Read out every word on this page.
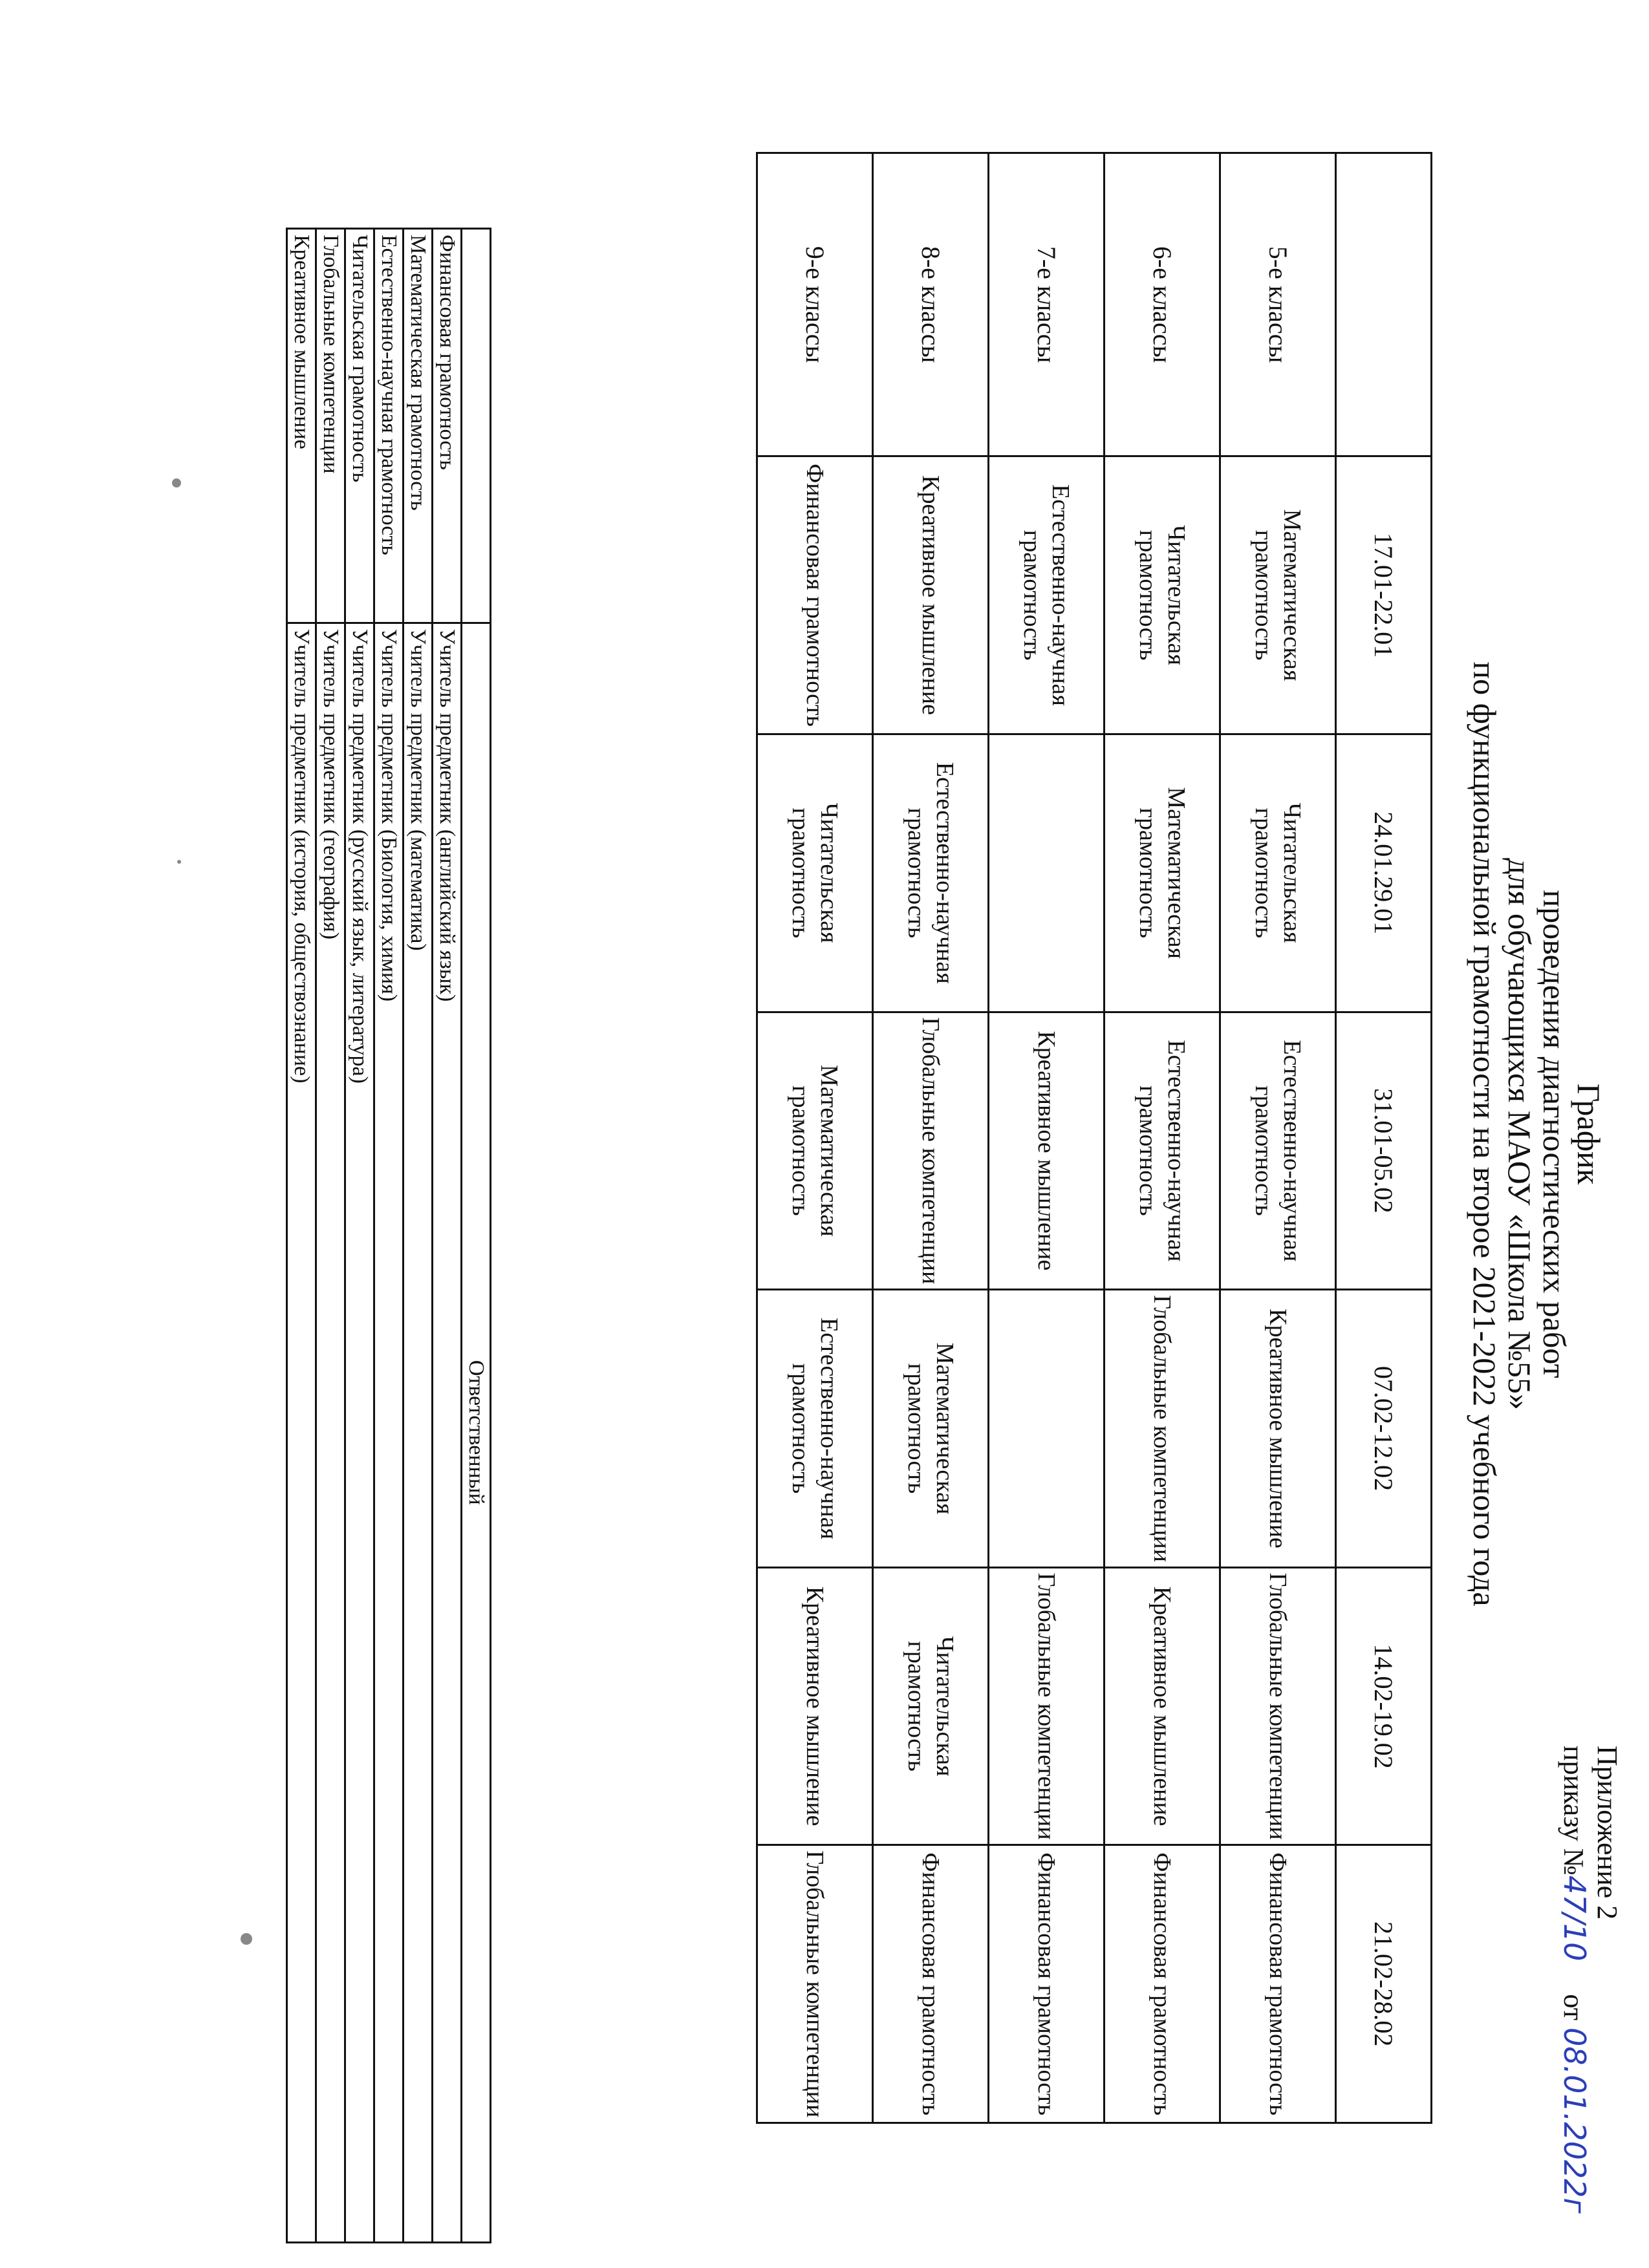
Приложение 2
приказу №47/10 от 08.01.2022г
График
проведения диагностических работ
для обучающихся МАОУ «Школа №55»
по функциональной грамотности на второе 2021-2022 учебного года
	17.01-22.01	24.01.29.01	31.01-05.02	07.02-12.02	14.02-19.02	21.02-28.02
5-е классы	Математическая грамотность	Читательская грамотность	Естественно-научная грамотность	Креативное мышление	Глобальные компетенции	Финансовая грамотность
6-е классы	Читательская грамотность	Математическая грамотность	Естественно-научная грамотность	Глобальные компетенции	Креативное мышление	Финансовая грамотность
7-е классы	Естественно-научная грамотность		Креативное мышление		Глобальные компетенции	Финансовая грамотность
8-е классы	Креативное мышление	Естественно-научная грамотность	Глобальные компетенции	Математическая грамотность	Читательская грамотность	Финансовая грамотность
9-е классы	Финансовая грамотность	Читательская грамотность	Математическая грамотность	Естественно-научная грамотность	Креативное мышление	Глобальные компетенции
	Ответственный
Финансовая грамотность	Учитель предметник (английский язык)
Математическая грамотность	Учитель предметник (математика)
Естественно-научная грамотность	Учитель предметник (Биология, химия)
Читательская грамотность	Учитель предметник (русский язык, литература)
Глобальные компетенции	Учитель предметник (география)
Креативное мышление	Учитель предметник (история, обществознание)
